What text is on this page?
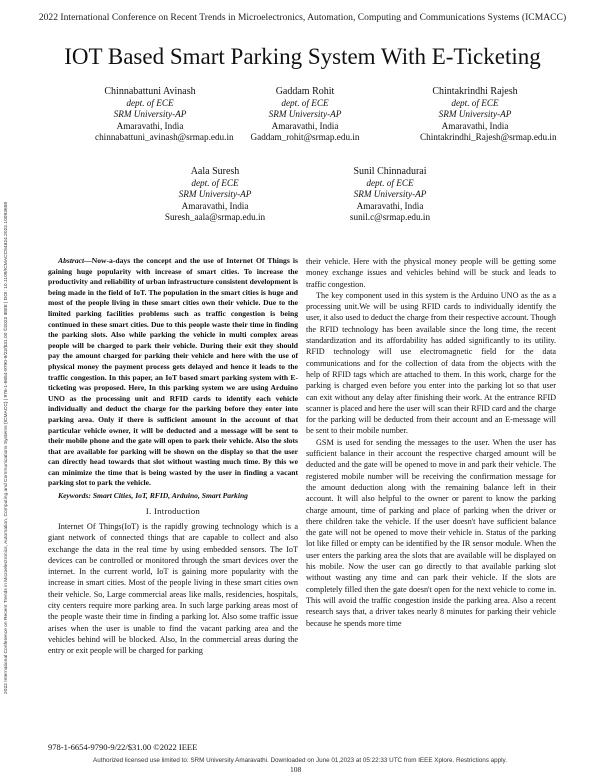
2022 International Conference on Recent Trends in Microelectronics, Automation, Computing and Communications Systems (ICMACC)
IOT Based Smart Parking System With E-Ticketing
Chinnabattuni Avinash
dept. of ECE
SRM University-AP
Amaravathi, India
chinnabattuni_avinash@srmap.edu.in
Gaddam Rohit
dept. of ECE
SRM University-AP
Amaravathi, India
Gaddam_rohit@srmap.edu.in
Chintakrindhi Rajesh
dept. of ECE
SRM University-AP
Amaravathi, India
Chintakrindhi_Rajesh@srmap.edu.in
Aala Suresh
dept. of ECE
SRM University-AP
Amaravathi, India
Suresh_aala@srmap.edu.in
Sunil Chinnadurai
dept. of ECE
SRM University-AP
Amaravathi, India
sunil.c@srmap.edu.in

Abstract—Now-a-days the concept and the use of Internet Of Things is gaining huge popularity with increase of smart cities. To increase the productivity and reliability of urban infrastructure consistent development is being made in the field of IoT. The population in the smart cities is huge and most of the people living in these smart cities own their vehicle. Due to the limited parking facilities problems such as traffic congestion is being continued in these smart cities. Due to this people waste their time in finding the parking slots. Also while parking the vehicle in multi complex areas people will be charged to park their vehicle. During their exit they should pay the amount charged for parking their vehicle and here with the use of physical money the payment process gets delayed and hence it leads to the traffic congestion. In this paper, an IoT based smart parking system with E-ticketing was proposed. Here, In this parking system we are using Arduino UNO as the processing unit and RFID cards to identify each vehicle individually and deduct the charge for the parking before they enter into parking area. Only if there is sufficient amount in the account of that particular vehicle owner, it will be deducted and a message will be sent to their mobile phone and the gate will open to park their vehicle. Also the slots that are available for parking will be shown on the display so that the user can directly head towards that slot without wasting much time. By this we can minimize the time that is being wasted by the user in finding a vacant parking slot to park the vehicle.

Keywords: Smart Cities, IoT, RFID, Arduino, Smart Parking

I. Introduction

Internet Of Things(IoT) is the rapidly growing technology which is a giant network of connected things that are capable to collect and also exchange the data in the real time by using embedded sensors. The IoT devices can be controlled or monitored through the smart devices over the internet. In the current world, IoT is gaining more popularity with the increase in smart cities. Most of the people living in these smart cities own their vehicle. So, Large commercial areas like malls, residencies, hospitals, city centers require more parking area. In such large parking areas most of the people waste their time in finding a parking lot. Also some traffic issue arises when the user is unable to find the vacant parking area and the vehicles behind will be blocked. Also, In the commercial areas during the entry or exit people will be charged for parking

their vehicle. Here with the physical money people will be getting some money exchange issues and vehicles behind will be stuck and leads to traffic congestion.

The key component used in this system is the Arduino UNO as the as a processing unit.We will be using RFID cards to individually identify the user, it also used to deduct the charge from their respective account. Though the RFID technology has been available since the long time, the recent standardization and its affordability has added significantly to its utility. RFID technology will use electromagnetic field for the data communications and for the collection of data from the objects with the help of RFID tags which are attached to them. In this work, charge for the parking is charged even before you enter into the parking lot so that user can exit without any delay after finishing their work. At the entrance RFID scanner is placed and here the user will scan their RFID card and the charge for the parking will be deducted from their account and an E-message will be sent to their mobile number.

GSM is used for sending the messages to the user. When the user has sufficient balance in their account the respective charged amount will be deducted and the gate will be opened to move in and park their vehicle. The registered mobile number will be receiving the confirmation message for the amount deduction along with the remaining balance left in their account. It will also helpful to the owner or parent to know the parking charge amount, time of parking and place of parking when the driver or there children take the vehicle. If the user doesn't have sufficient balance the gate will not be opened to move their vehicle in. Status of the parking lot like filled or empty can be identified by the IR sensor module. When the user enters the parking area the slots that are available will be displayed on his mobile. Now the user can go directly to that available parking slot without wasting any time and can park their vehicle. If the slots are completely filled then the gate doesn't open for the next vehicle to come in. This will avoid the traffic congestion inside the parking area. Also a recent research says that, a driver takes nearly 8 minutes for parking their vehicle because he spends more time

2022 International Conference on Recent Trends in Microelectronics, Automation, Computing and Communications Systems (ICMACC) | 978-1-6654-9790-9/22/$31.00 ©2022 IEEE | DOI: 10.1109/ICMACC54824.2022.10093659
978-1-6654-9790-9/22/$31.00 ©2022 IEEE
Authorized licensed use limited to: SRM University Amaravathi. Downloaded on June 01,2023 at 05:22:33 UTC from IEEE Xplore. Restrictions apply.
108
